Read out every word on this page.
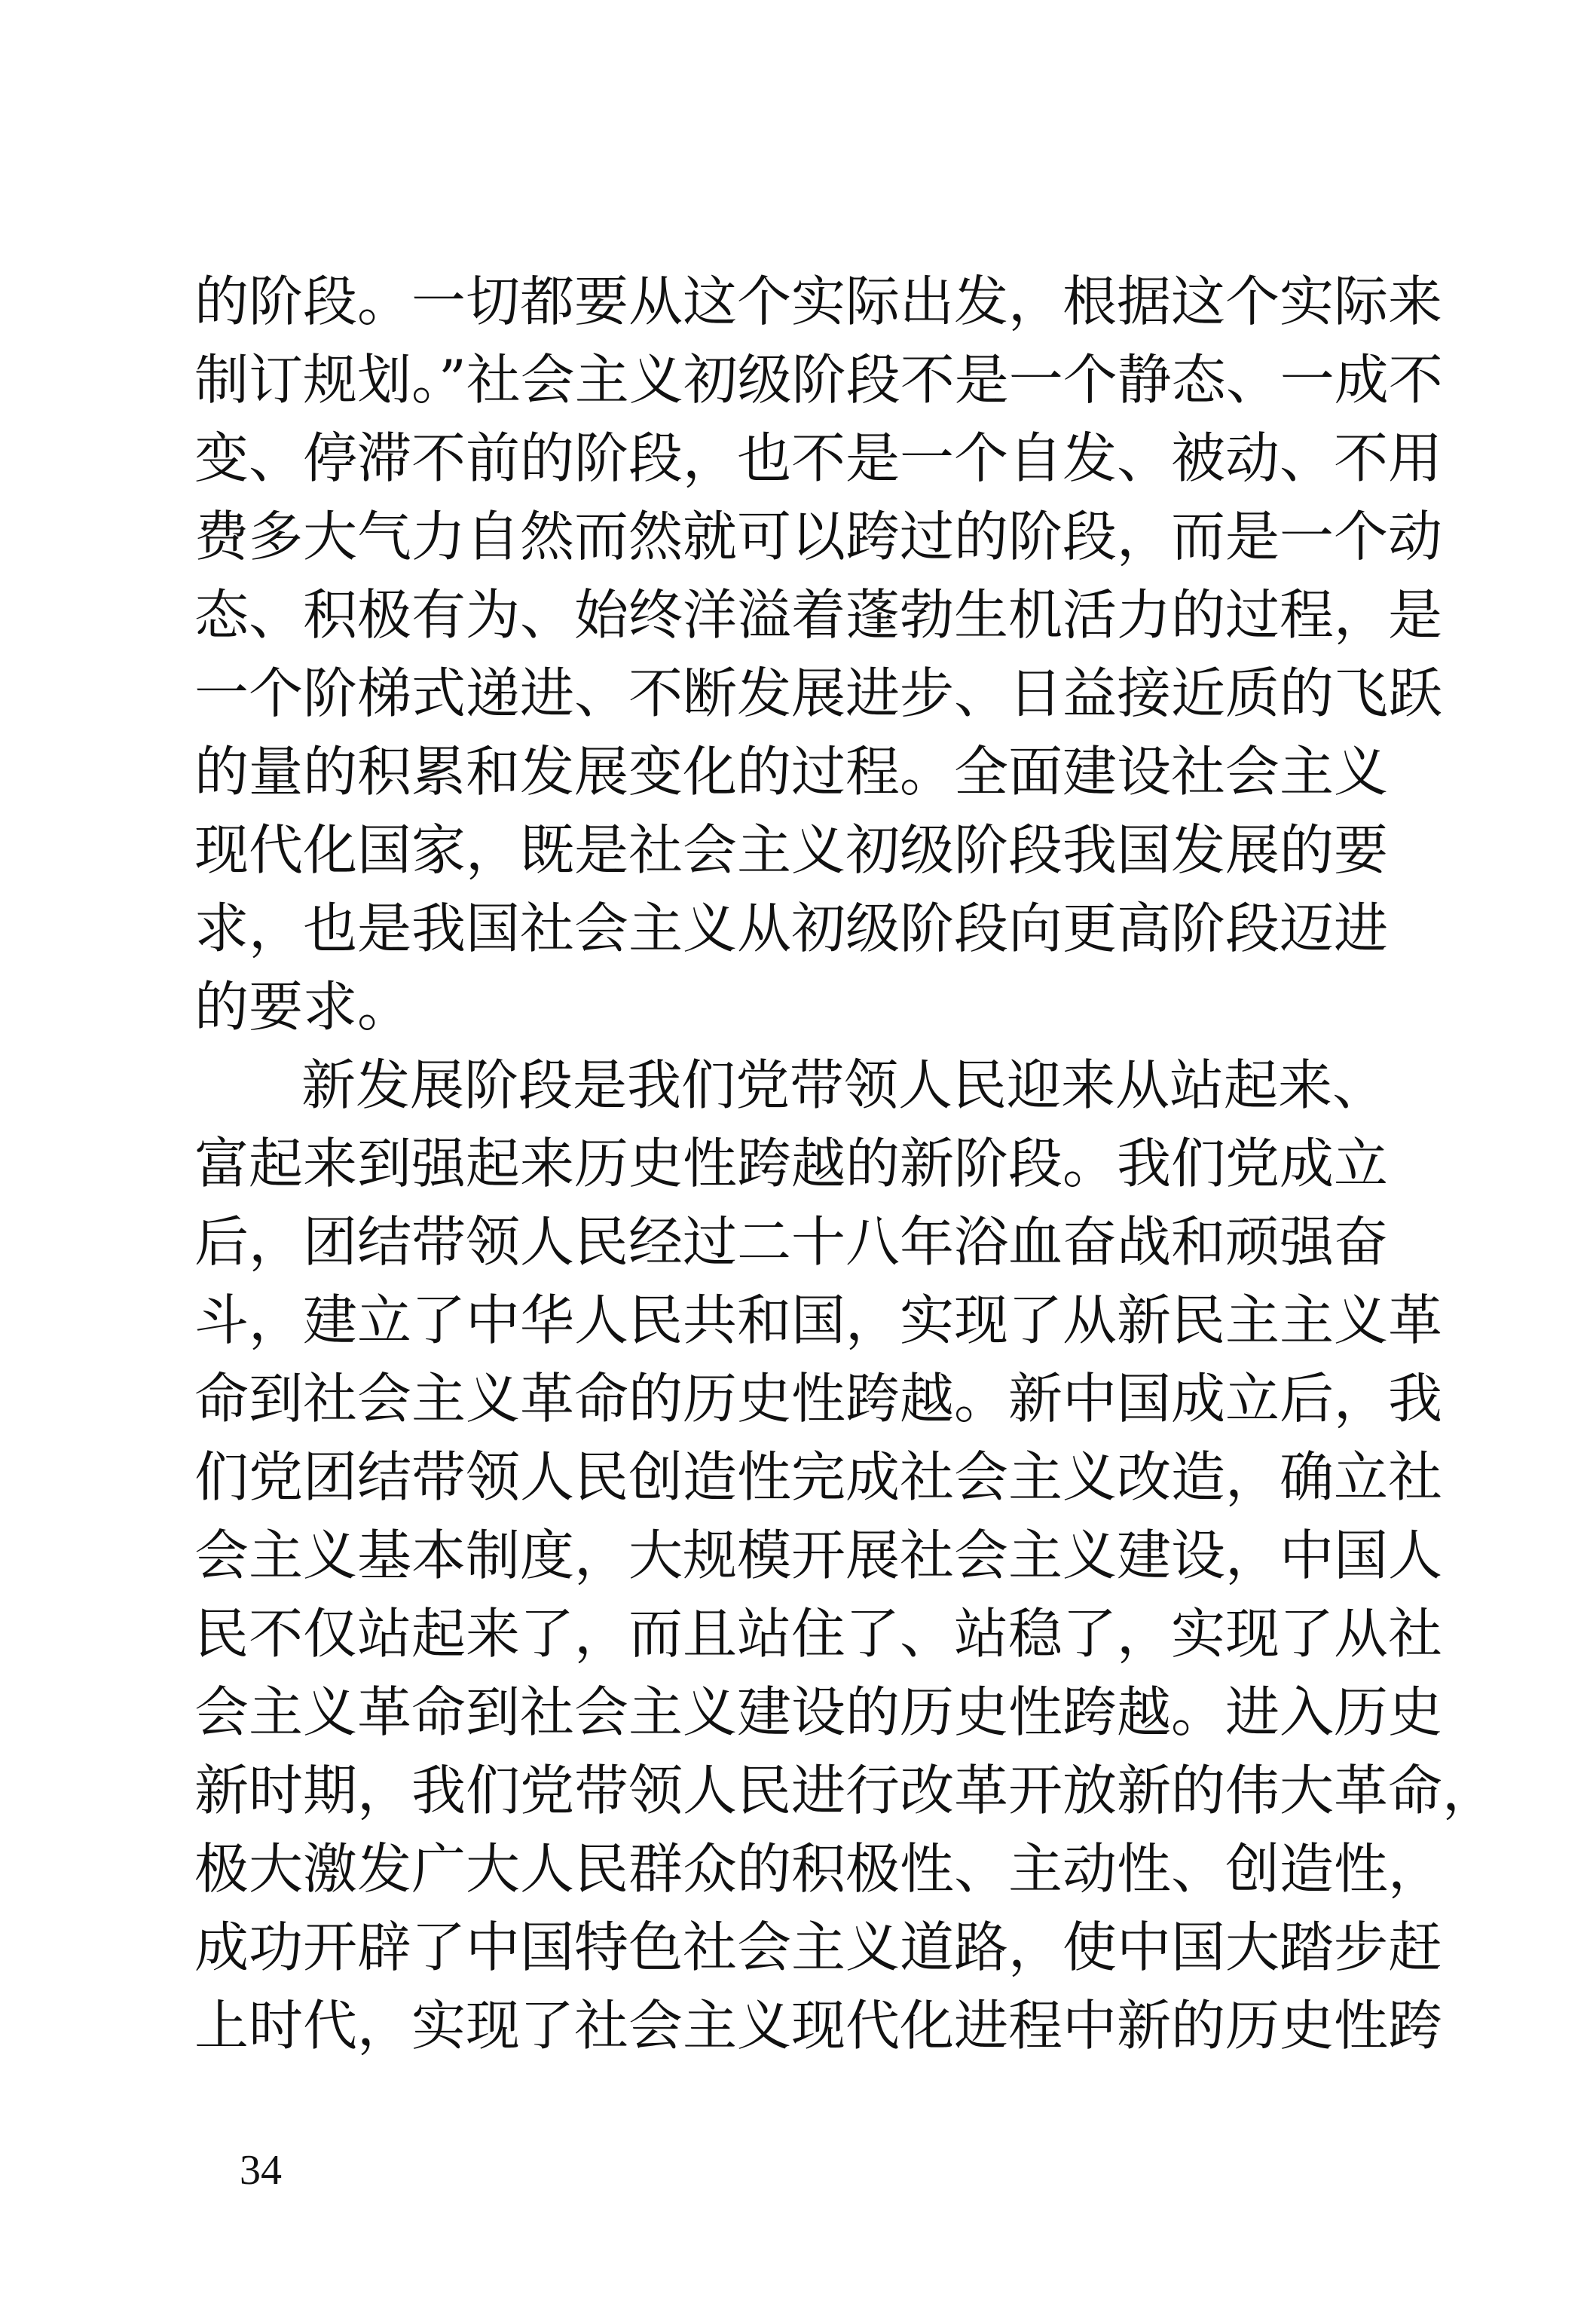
的阶段。一切都要从这个实际出发，根据这个实际来
制订规划。”社会主义初级阶段不是一个静态、一成不
变、停滞不前的阶段，也不是一个自发、被动、不用
费多大气力自然而然就可以跨过的阶段，而是一个动
态、积极有为、始终洋溢着蓬勃生机活力的过程，是
一个阶梯式递进、不断发展进步、日益接近质的飞跃
的量的积累和发展变化的过程。全面建设社会主义
现代化国家，既是社会主义初级阶段我国发展的要
求，也是我国社会主义从初级阶段向更高阶段迈进
的要求。
新发展阶段是我们党带领人民迎来从站起来、
富起来到强起来历史性跨越的新阶段。我们党成立
后，团结带领人民经过二十八年浴血奋战和顽强奋
斗，建立了中华人民共和国，实现了从新民主主义革
命到社会主义革命的历史性跨越。新中国成立后，我
们党团结带领人民创造性完成社会主义改造，确立社
会主义基本制度，大规模开展社会主义建设，中国人
民不仅站起来了，而且站住了、站稳了，实现了从社
会主义革命到社会主义建设的历史性跨越。进入历史
新时期，我们党带领人民进行改革开放新的伟大革命，
极大激发广大人民群众的积极性、主动性、创造性，
成功开辟了中国特色社会主义道路，使中国大踏步赶
上时代，实现了社会主义现代化进程中新的历史性跨
34
